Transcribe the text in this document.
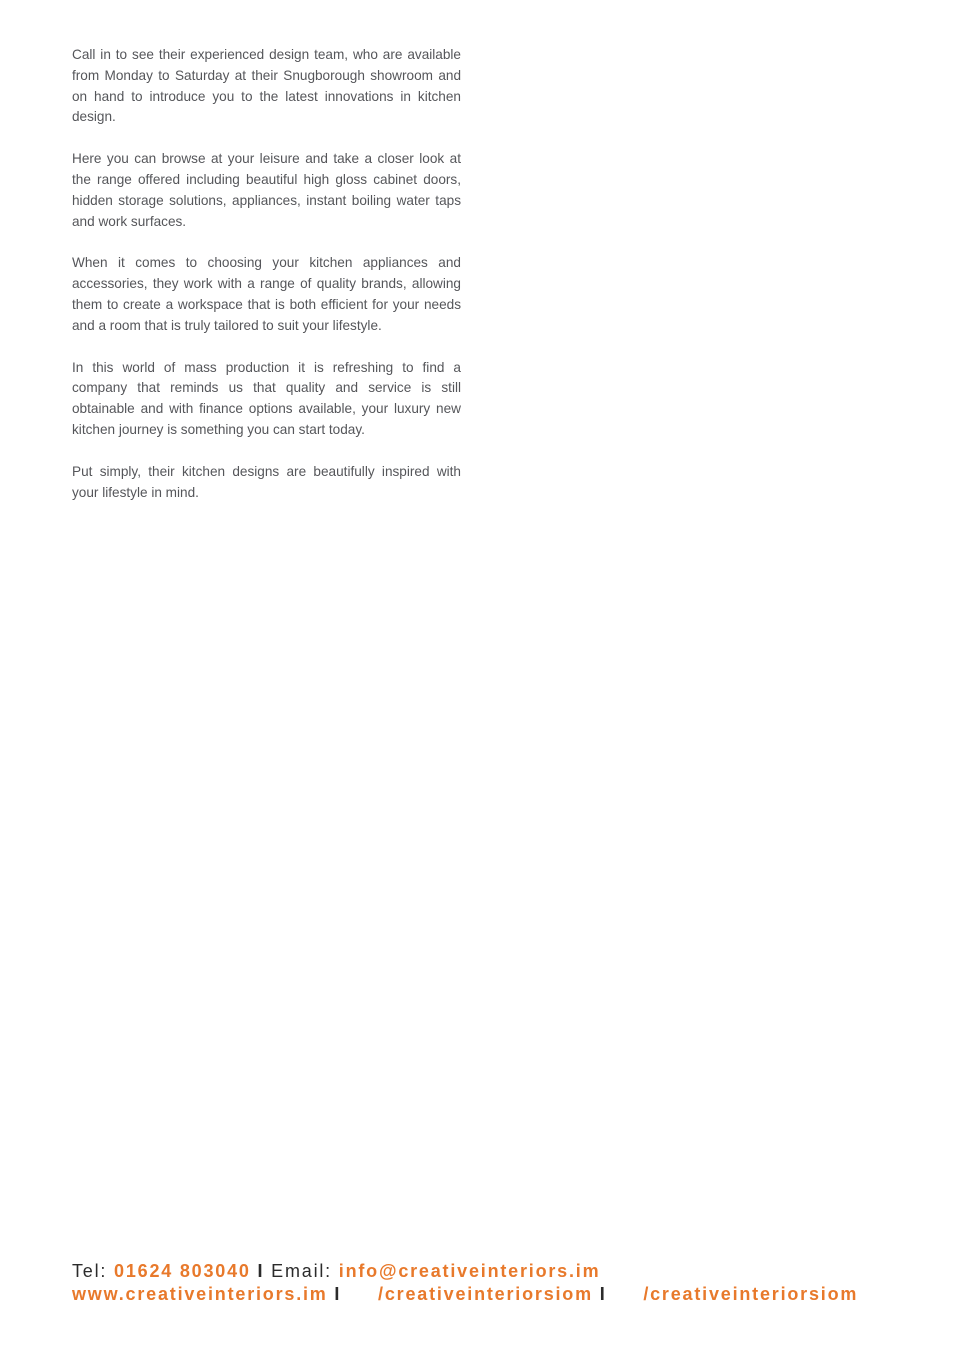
Call in to see their experienced design team, who are available from Monday to Saturday at their Snugborough showroom and on hand to introduce you to the latest innovations in kitchen design.

Here you can browse at your leisure and take a closer look at the range offered including beautiful high gloss cabinet doors, hidden storage solutions, appliances, instant boiling water taps and work surfaces.

When it comes to choosing your kitchen appliances and accessories, they work with a range of quality brands, allowing them to create a workspace that is both efficient for your needs and a room that is truly tailored to suit your lifestyle.

In this world of mass production it is refreshing to find a company that reminds us that quality and service is still obtainable and with finance options available, your luxury new kitchen journey is something you can start today.

Put simply, their kitchen designs are beautifully inspired with your lifestyle in mind.

Tel: 01624 803040 I Email: info@creativeinteriors.im
www.creativeinteriors.im I /creativeinteriorsiom I /creativeinteriorsiom
